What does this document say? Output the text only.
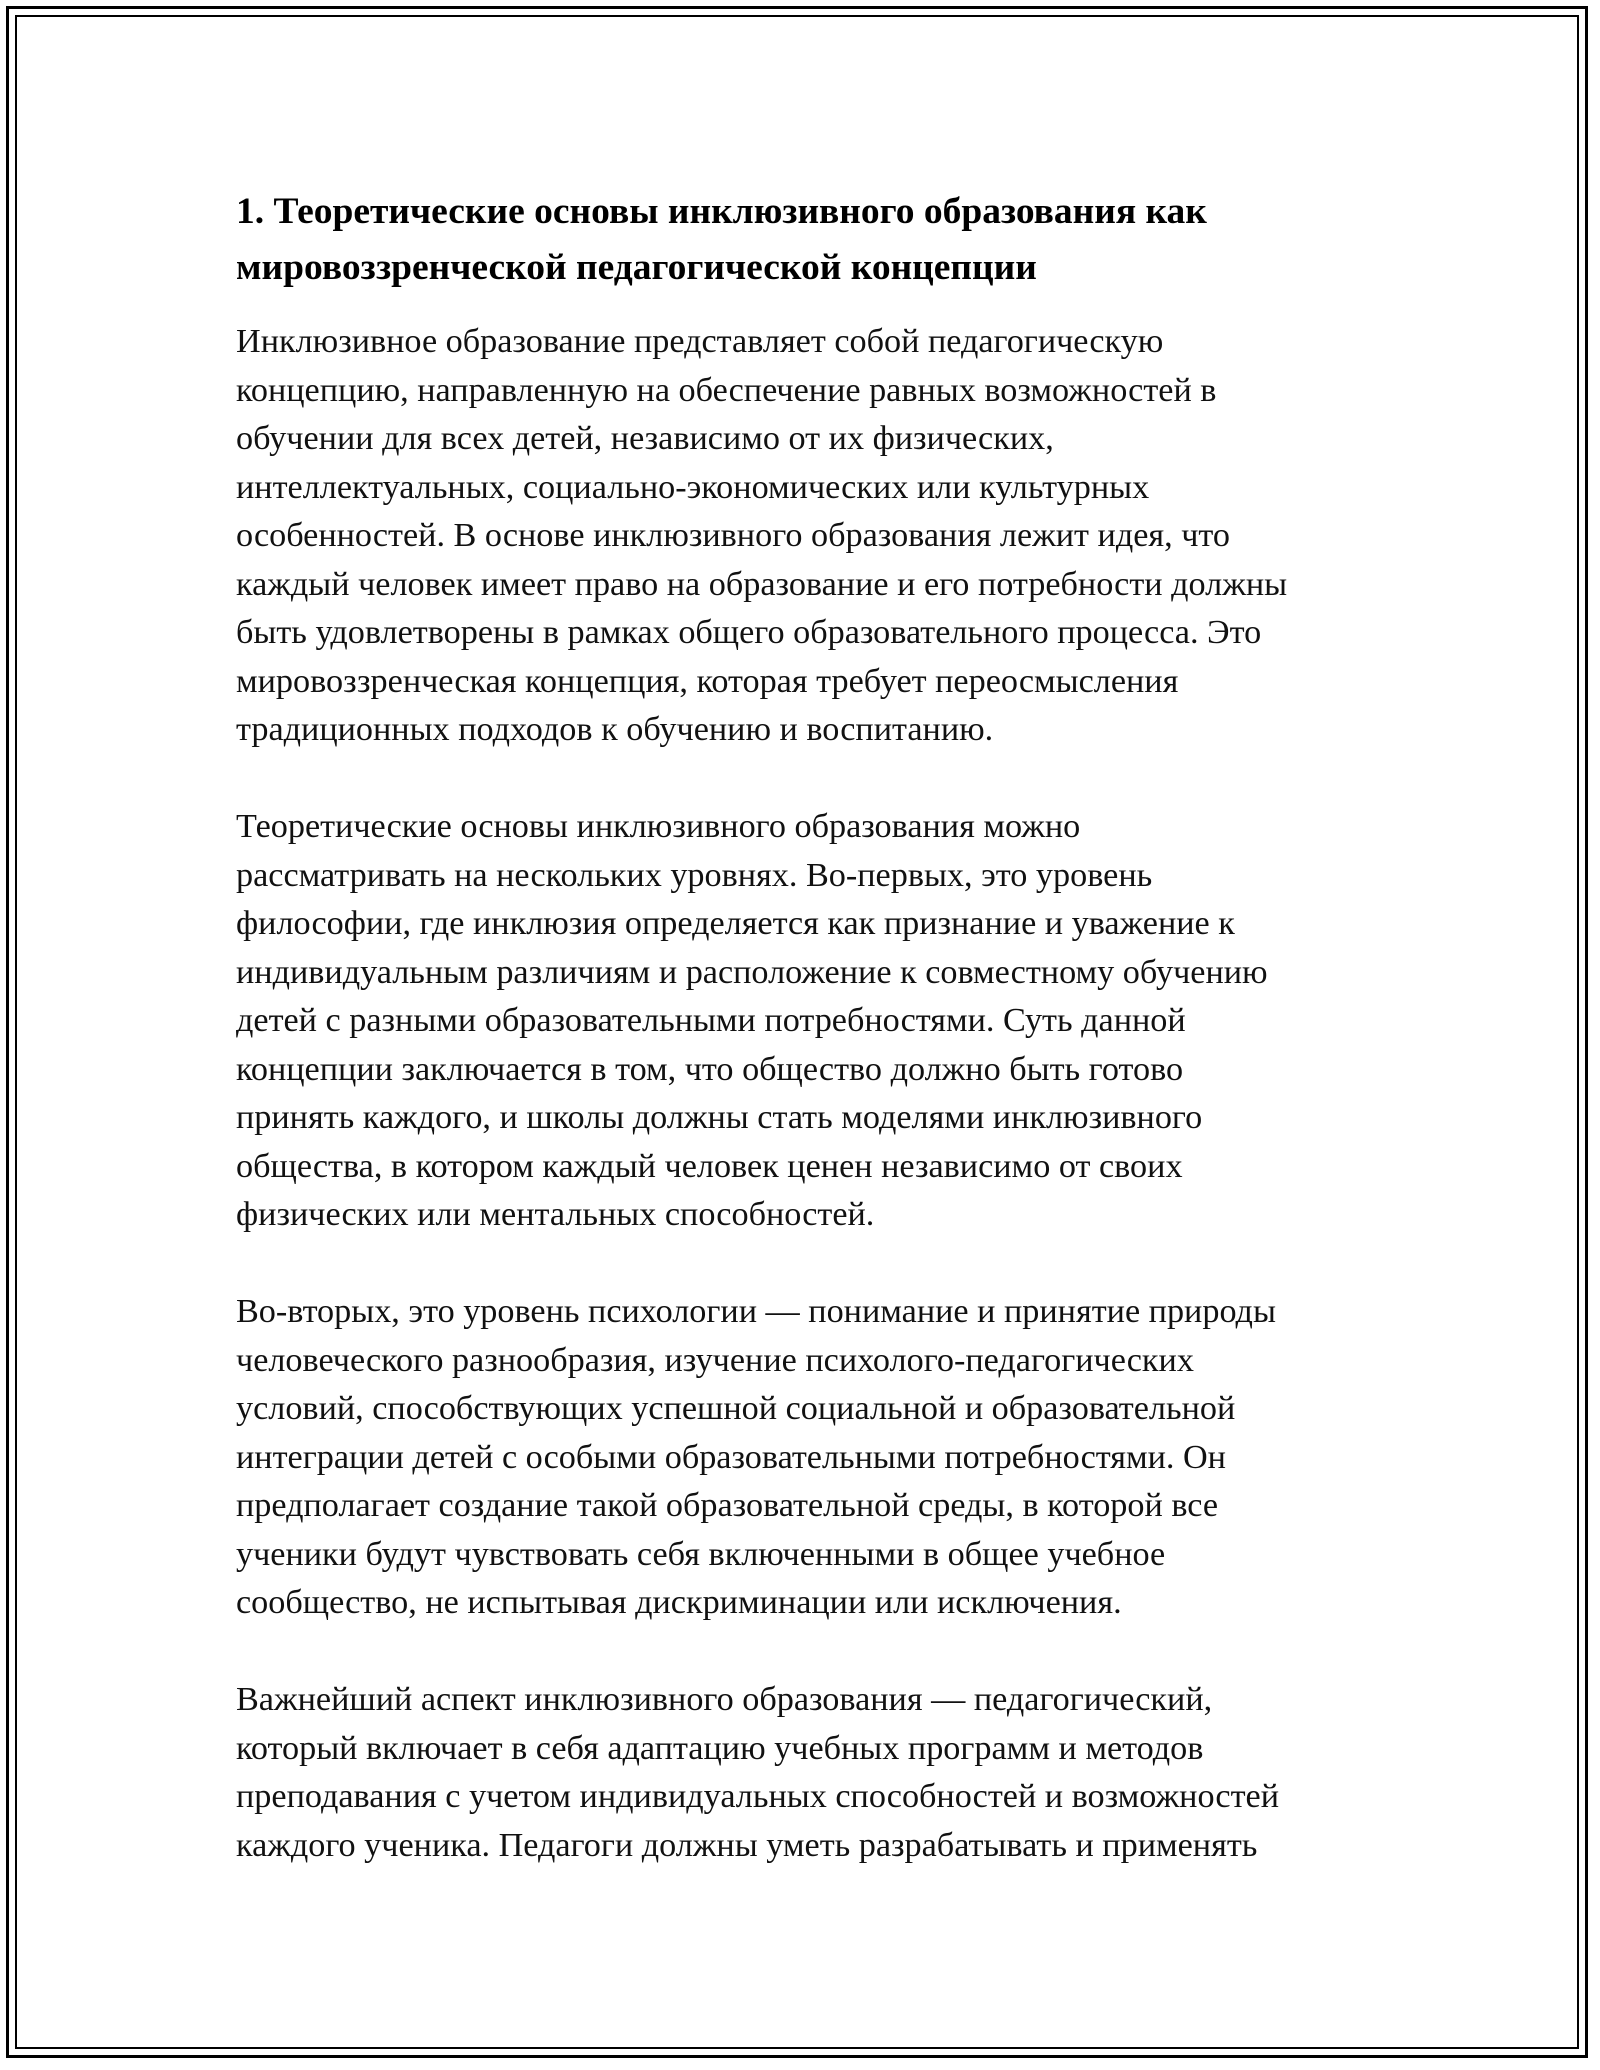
1. Теоретические основы инклюзивного образования как
мировоззренческой педагогической концепции

Инклюзивное образование представляет собой педагогическую
концепцию, направленную на обеспечение равных возможностей в
обучении для всех детей, независимо от их физических,
интеллектуальных, социально-экономических или культурных
особенностей. В основе инклюзивного образования лежит идея, что
каждый человек имеет право на образование и его потребности должны
быть удовлетворены в рамках общего образовательного процесса. Это
мировоззренческая концепция, которая требует переосмысления
традиционных подходов к обучению и воспитанию.

Теоретические основы инклюзивного образования можно
рассматривать на нескольких уровнях. Во-первых, это уровень
философии, где инклюзия определяется как признание и уважение к
индивидуальным различиям и расположение к совместному обучению
детей с разными образовательными потребностями. Суть данной
концепции заключается в том, что общество должно быть готово
принять каждого, и школы должны стать моделями инклюзивного
общества, в котором каждый человек ценен независимо от своих
физических или ментальных способностей.

Во-вторых, это уровень психологии — понимание и принятие природы
человеческого разнообразия, изучение психолого-педагогических
условий, способствующих успешной социальной и образовательной
интеграции детей с особыми образовательными потребностями. Он
предполагает создание такой образовательной среды, в которой все
ученики будут чувствовать себя включенными в общее учебное
сообщество, не испытывая дискриминации или исключения.

Важнейший аспект инклюзивного образования — педагогический,
который включает в себя адаптацию учебных программ и методов
преподавания с учетом индивидуальных способностей и возможностей
каждого ученика. Педагоги должны уметь разрабатывать и применять
